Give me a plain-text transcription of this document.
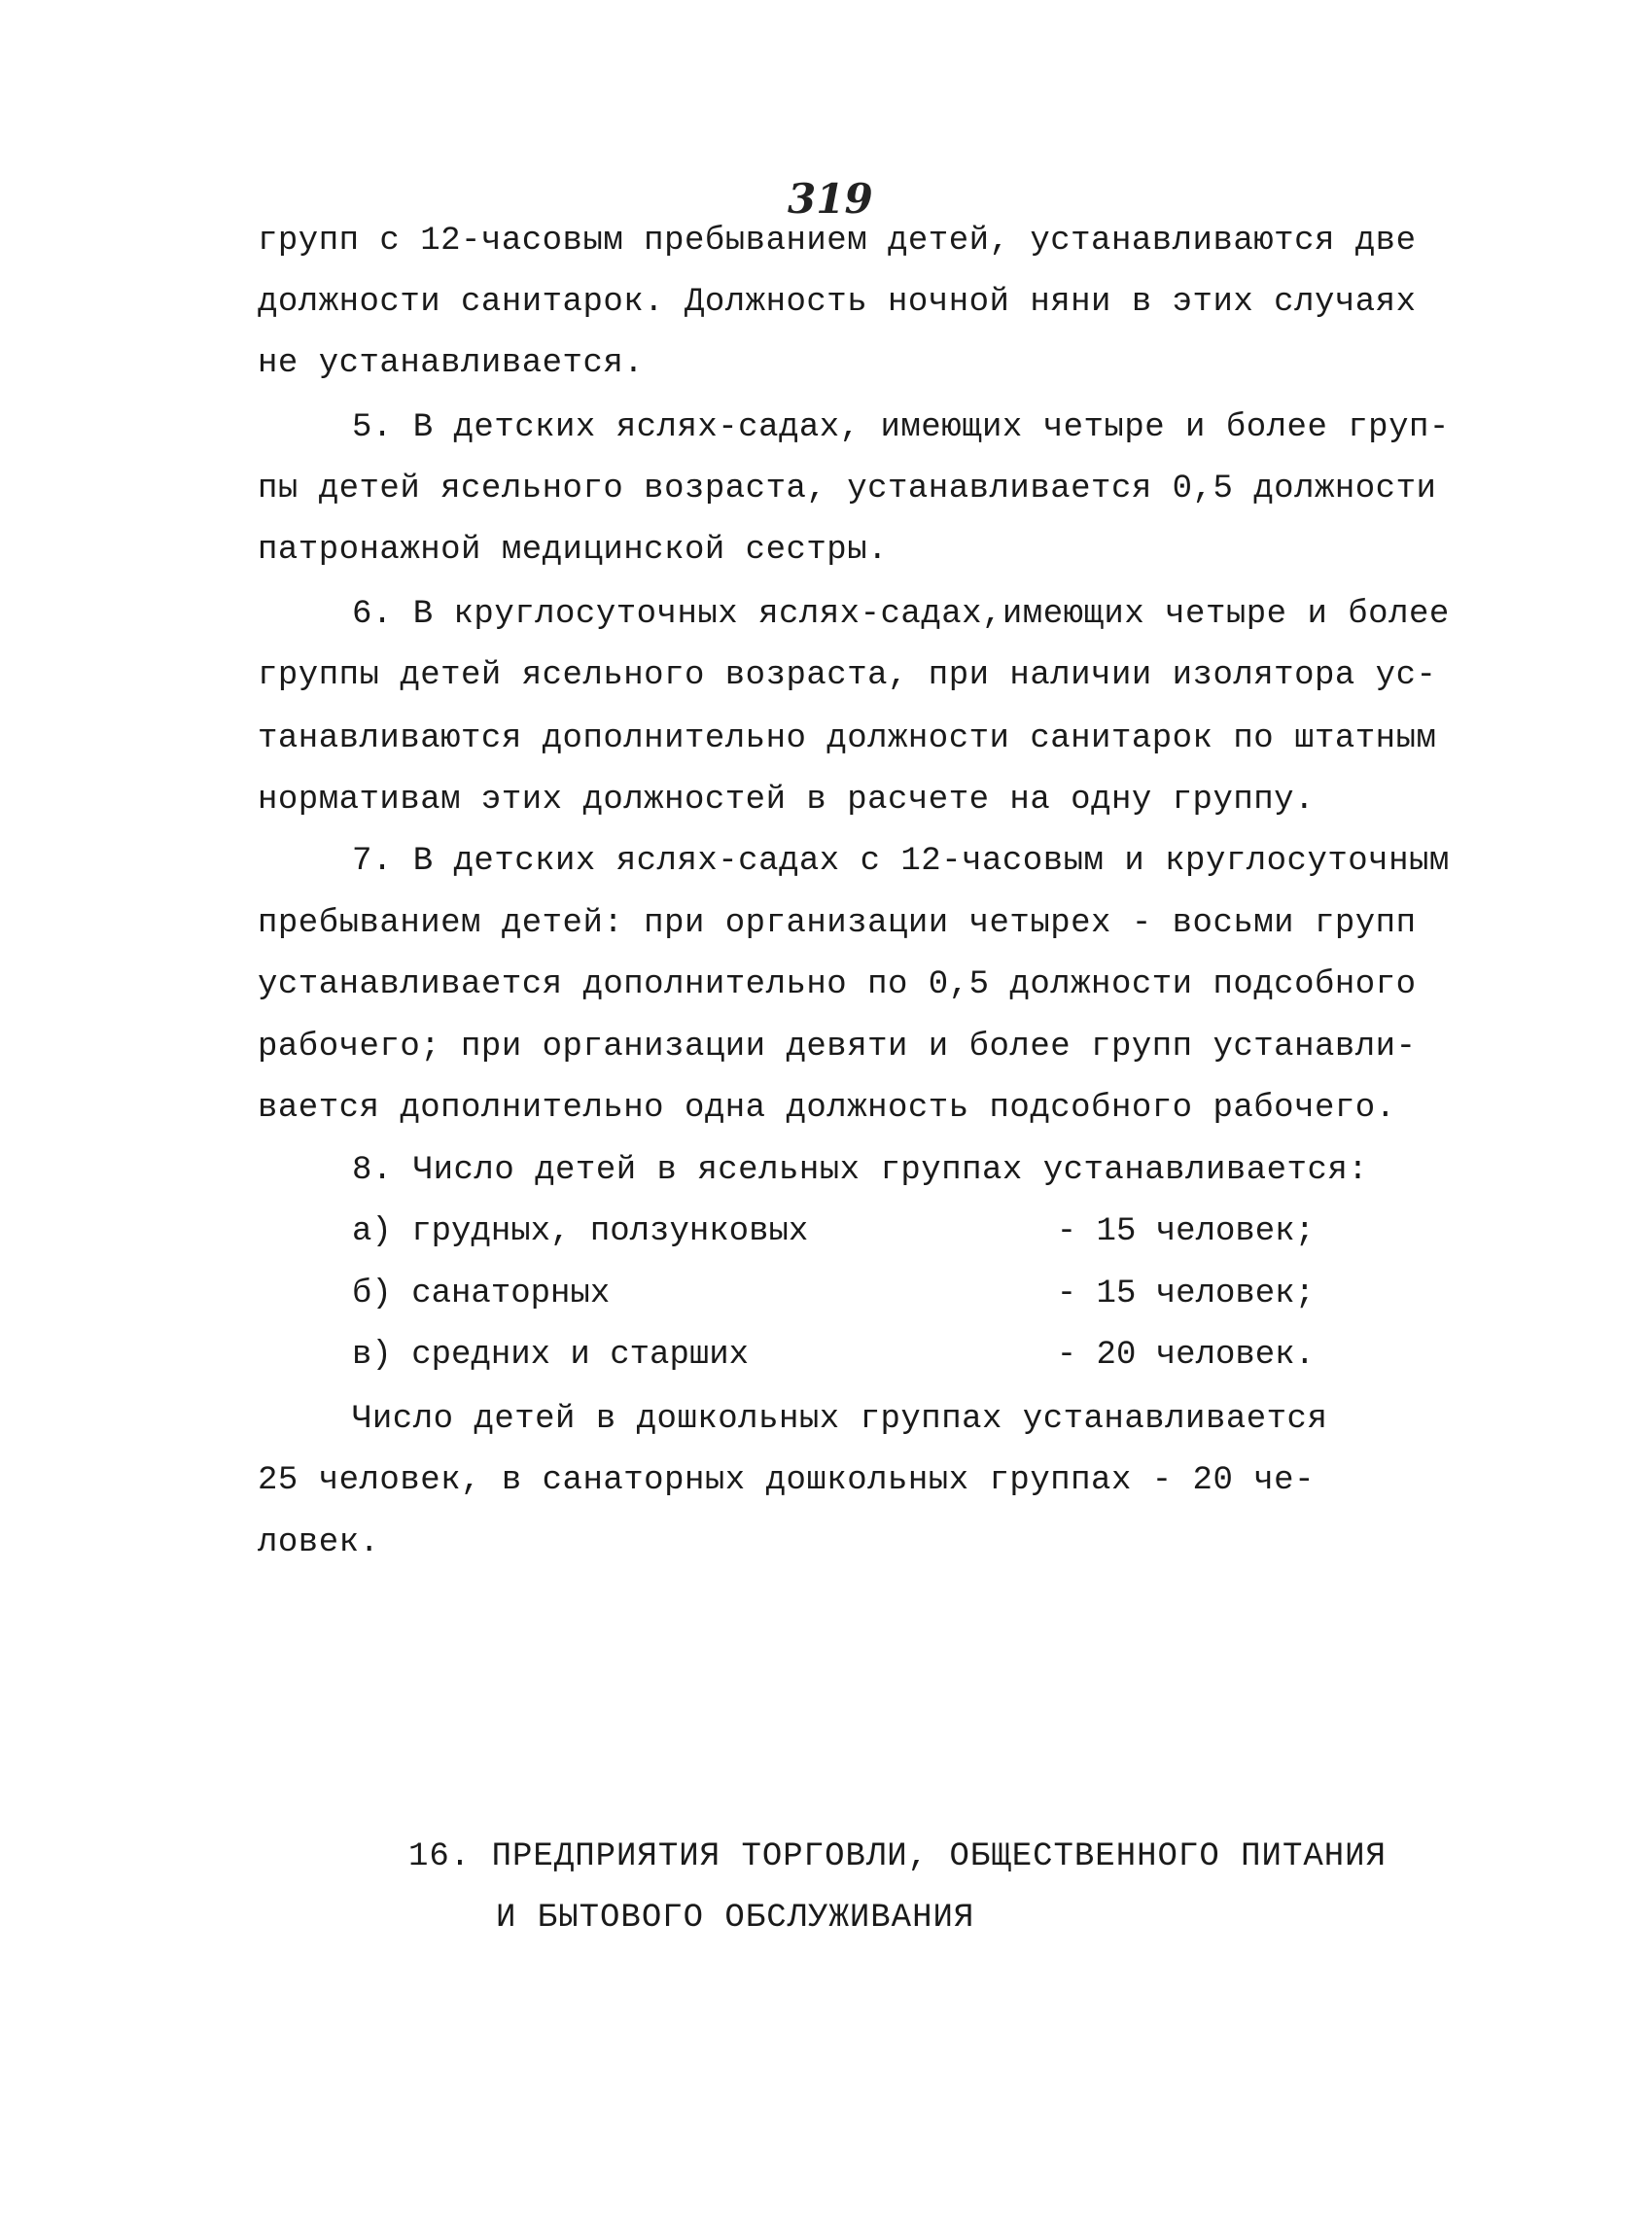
319
групп с 12-часовым пребыванием детей, устанавливаются две
должности санитарок. Должность ночной няни в этих случаях
не устанавливается.
5. В детских яслях-садах, имеющих четыре и более груп-
пы детей ясельного возраста, устанавливается 0,5 должности
патронажной медицинской сестры.
6. В круглосуточных яслях-садах,имеющих четыре и более
группы детей ясельного возраста, при наличии изолятора ус-
танавливаются дополнительно должности санитарок по штатным
нормативам этих должностей в расчете на одну группу.
7. В детских яслях-садах с 12-часовым и круглосуточным
пребыванием детей: при организации четырех - восьми групп
устанавливается дополнительно по 0,5 должности подсобного
рабочего; при организации девяти и более групп устанавли-
вается дополнительно одна должность подсобного рабочего.
8. Число детей в ясельных группах устанавливается:
а) грудных, ползунковых	- 15 человек;
б) санаторных	- 15 человек;
в) средних и старших	- 20 человек.
Число детей в дошкольных группах устанавливается
25 человек, в санаторных дошкольных группах - 20 че-
ловек.
16. ПРЕДПРИЯТИЯ ТОРГОВЛИ, ОБЩЕСТВЕННОГО ПИТАНИЯ
И БЫТОВОГО ОБСЛУЖИВАНИЯ
